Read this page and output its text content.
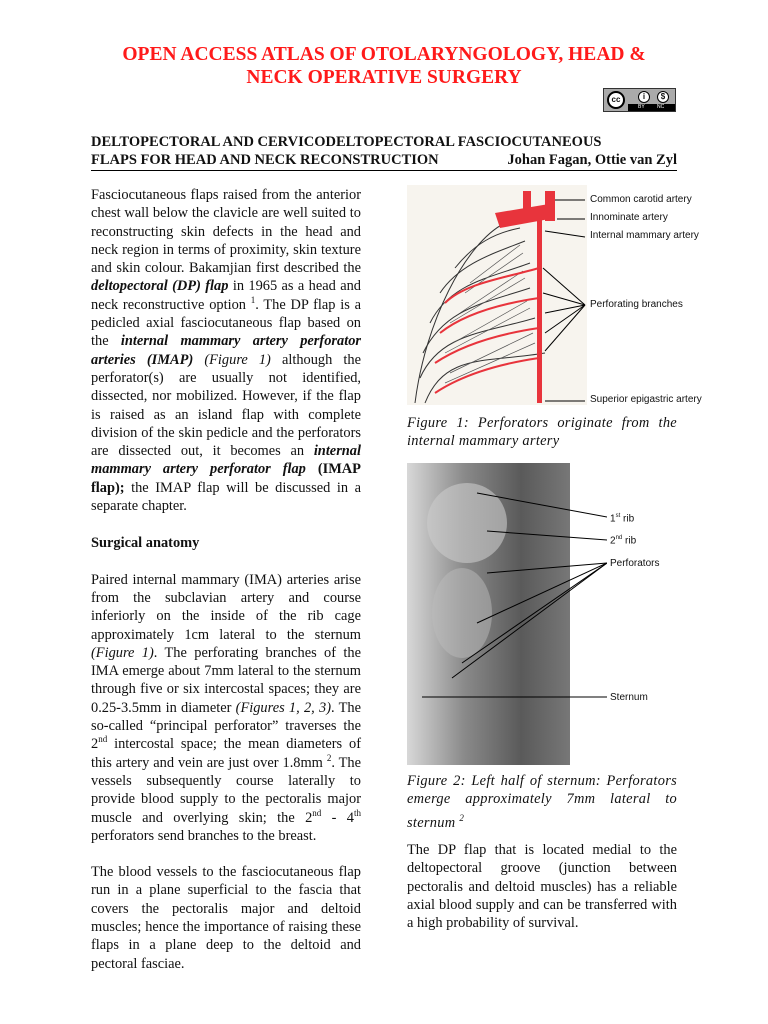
OPEN ACCESS ATLAS OF OTOLARYNGOLOGY, HEAD &
NECK OPERATIVE SURGERY
cc	i	$
BY NC
DELTOPECTORAL AND CERVICODELTOPECTORAL FASCIOCUTANEOUS
FLAPS FOR HEAD AND NECK RECONSTRUCTION	Johan Fagan, Ottie van Zyl

Fasciocutaneous flaps raised from the anterior chest wall below the clavicle are well suited to reconstructing skin defects in the head and neck region in terms of proximity, skin texture and skin colour. Bakamjian first described the deltopectoral (DP) flap in 1965 as a head and neck reconstructive option $^1$. The DP flap is a pedicled axial fasciocutaneous flap based on the internal mammary artery perforator arteries (IMAP) (Figure 1) although the perforator(s) are usually not identified, dissected, nor mobilized. However, if the flap is raised as an island flap with complete division of the skin pedicle and the perforators are dissected out, it becomes an internal mammary artery perforator flap (IMAP flap); the IMAP flap will be discussed in a separate chapter.

Surgical anatomy

Paired internal mammary (IMA) arteries arise from the subclavian artery and course inferiorly on the inside of the rib cage approximately 1cm lateral to the sternum (Figure 1). The perforating branches of the IMA emerge about 7mm lateral to the sternum through five or six intercostal spaces; they are 0.25-3.5mm in diameter (Figures 1, 2, 3). The so-called “principal perforator” traverses the 2nd intercostal space; the mean diameters of this artery and vein are just over 1.8mm $^2$. The vessels subsequently course laterally to provide blood supply to the pectoralis major muscle and overlying skin; the 2nd - 4th perforators send branches to the breast.

The blood vessels to the fasciocutaneous flap run in a plane superficial to the fascia that covers the pectoralis major and deltoid muscles; hence the importance of raising these flaps in a plane deep to the deltoid and pectoral fasciae.

Common carotid artery
Innominate artery
Internal mammary artery
Perforating branches
Superior epigastric artery
Figure 1: Perforators originate from the internal mammary artery
1st rib
2nd rib
Perforators
Sternum
Figure 2: Left half of sternum: Perforators emerge approximately 7mm lateral to sternum $^2$

The DP flap that is located medial to the deltopectoral groove (junction between pectoralis and deltoid muscles) has a reliable axial blood supply and can be transferred with a high probability of survival.
